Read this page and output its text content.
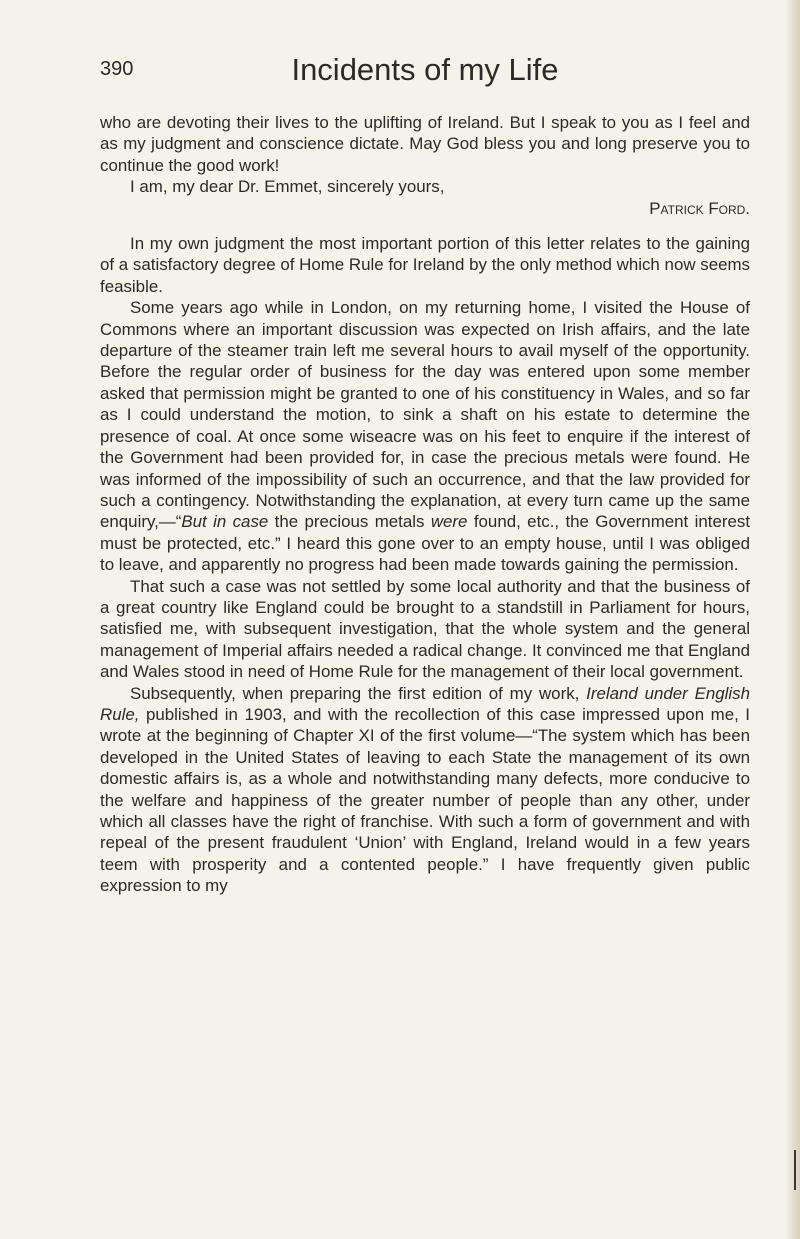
390	Incidents of my Life

who are devoting their lives to the uplifting of Ireland. But I speak to you as I feel and as my judgment and conscience dictate. May God bless you and long preserve you to continue the good work!

I am, my dear Dr. Emmet, sincerely yours,

Patrick Ford.

In my own judgment the most important portion of this letter relates to the gaining of a satisfactory degree of Home Rule for Ireland by the only method which now seems feasible.

Some years ago while in London, on my returning home, I visited the House of Commons where an important discussion was expected on Irish affairs, and the late departure of the steamer train left me several hours to avail myself of the opportunity. Before the regular order of business for the day was entered upon some member asked that permission might be granted to one of his constituency in Wales, and so far as I could understand the motion, to sink a shaft on his estate to determine the presence of coal. At once some wiseacre was on his feet to enquire if the interest of the Government had been provided for, in case the precious metals were found. He was informed of the impossibility of such an occurrence, and that the law provided for such a contingency. Notwithstanding the explanation, at every turn came up the same enquiry,—“But in case the precious metals were found, etc., the Government interest must be protected, etc.” I heard this gone over to an empty house, until I was obliged to leave, and apparently no progress had been made towards gaining the permission.

That such a case was not settled by some local authority and that the business of a great country like England could be brought to a standstill in Parliament for hours, satisfied me, with subsequent investigation, that the whole system and the general management of Imperial affairs needed a radical change. It convinced me that England and Wales stood in need of Home Rule for the management of their local government.

Subsequently, when preparing the first edition of my work, Ireland under English Rule, published in 1903, and with the recollection of this case impressed upon me, I wrote at the beginning of Chapter XI of the first volume—“The system which has been developed in the United States of leaving to each State the management of its own domestic affairs is, as a whole and notwithstanding many defects, more conducive to the welfare and happiness of the greater number of people than any other, under which all classes have the right of franchise. With such a form of government and with repeal of the present fraudulent ‘Union’ with England, Ireland would in a few years teem with prosperity and a contented people.” I have frequently given public expression to my
